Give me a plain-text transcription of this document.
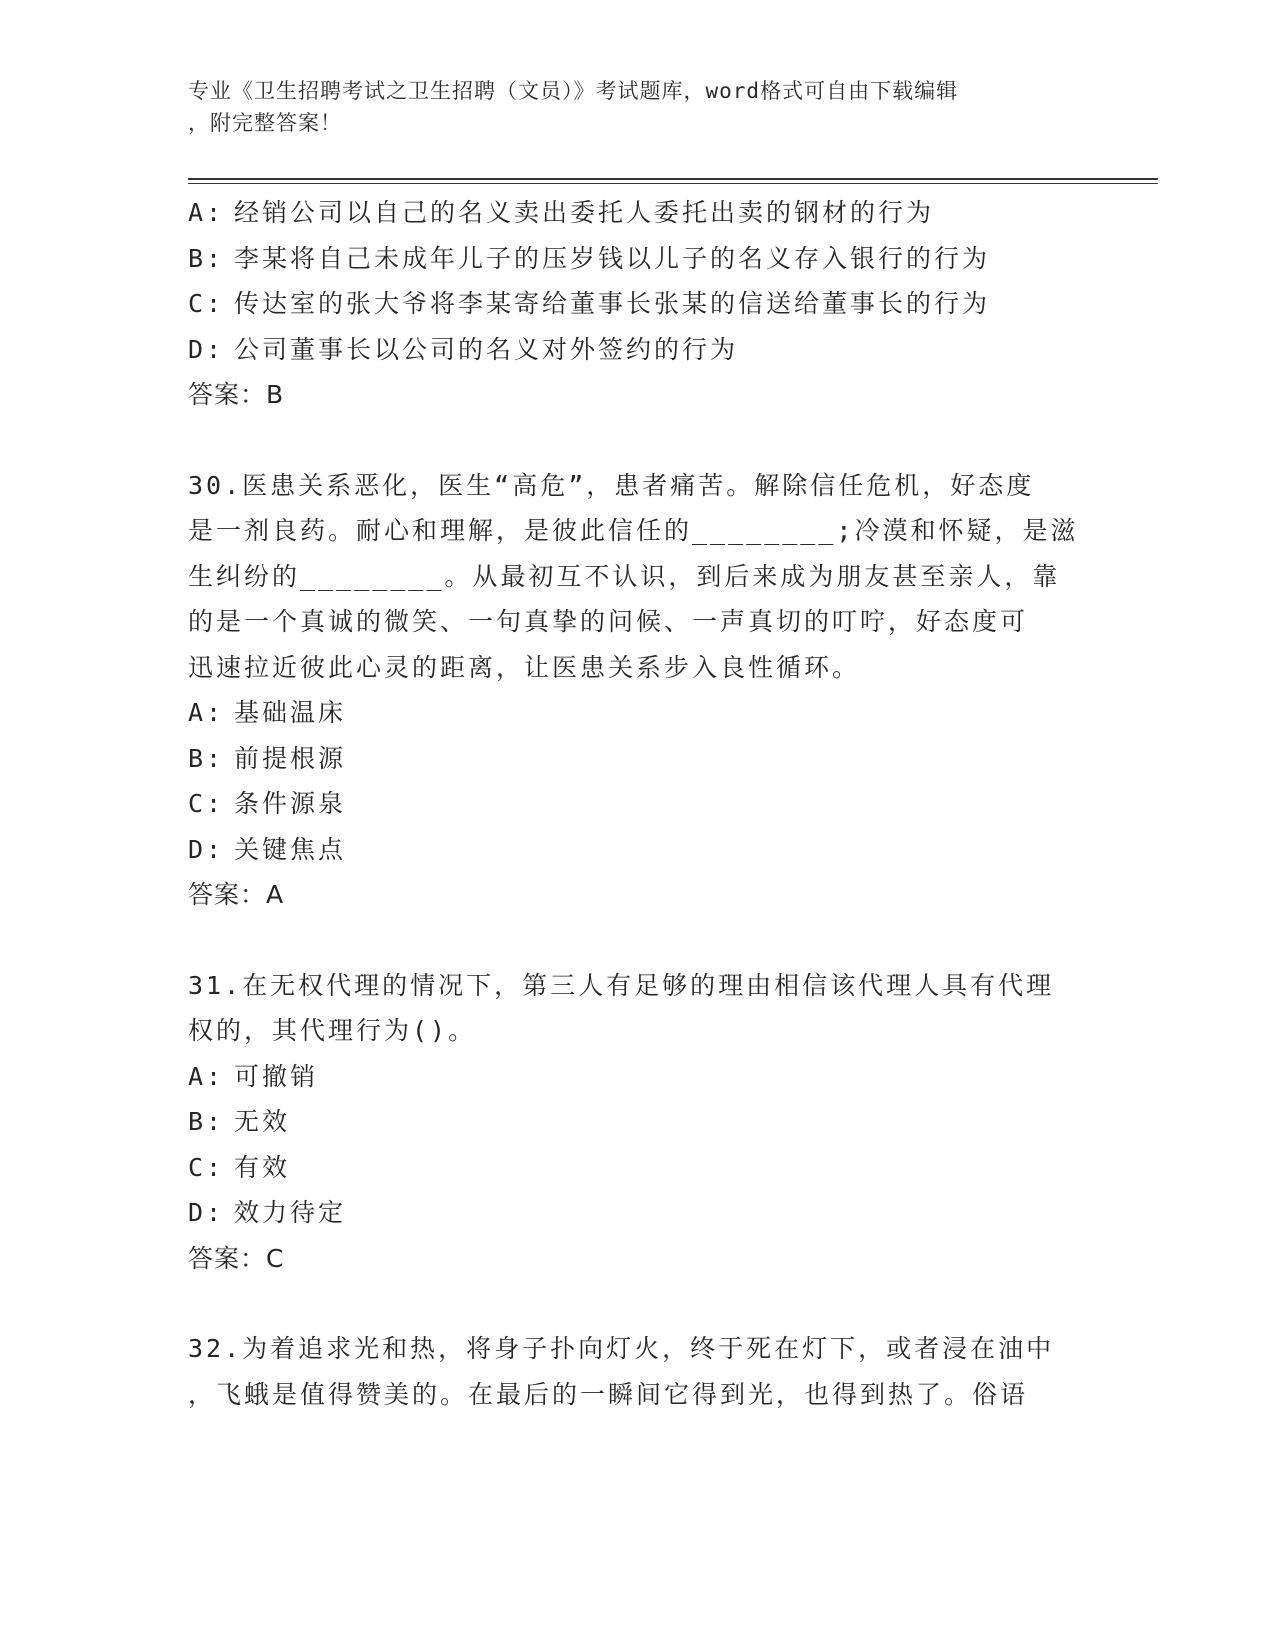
专业《卫生招聘考试之卫生招聘（文员）》考试题库，word格式可自由下载编辑
，附完整答案！
A: 经销公司以自己的名义卖出委托人委托出卖的钢材的行为
B: 李某将自己未成年儿子的压岁钱以儿子的名义存入银行的行为
C: 传达室的张大爷将李某寄给董事长张某的信送给董事长的行为
D: 公司董事长以公司的名义对外签约的行为
答案：B
30.医患关系恶化，医生“高危”，患者痛苦。解除信任危机，好态度
是一剂良药。耐心和理解，是彼此信任的________;冷漠和怀疑，是滋
生纠纷的________。从最初互不认识，到后来成为朋友甚至亲人，靠
的是一个真诚的微笑、一句真挚的问候、一声真切的叮咛，好态度可
迅速拉近彼此心灵的距离，让医患关系步入良性循环。
A: 基础温床
B: 前提根源
C: 条件源泉
D: 关键焦点
答案：A
31.在无权代理的情况下，第三人有足够的理由相信该代理人具有代理
权的，其代理行为()。
A: 可撤销
B: 无效
C: 有效
D: 效力待定
答案：C
32.为着追求光和热，将身子扑向灯火，终于死在灯下，或者浸在油中
，飞蛾是值得赞美的。在最后的一瞬间它得到光，也得到热了。俗语
